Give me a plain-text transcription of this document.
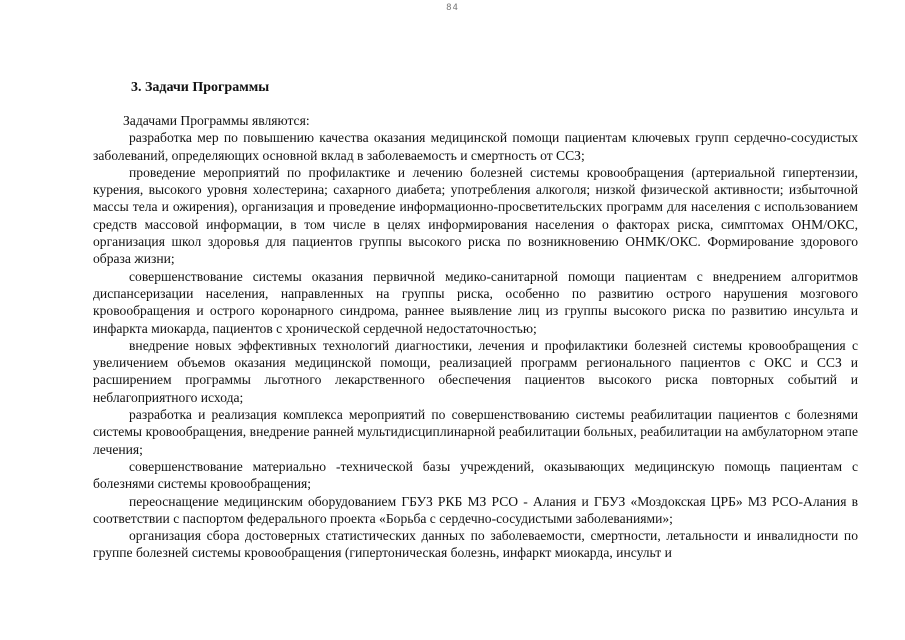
84
3. Задачи Программы

Задачами Программы являются:

разработка мер по повышению качества оказания медицинской помощи пациентам ключевых групп сердечно-сосудистых заболеваний, определяющих основной вклад в заболеваемость и смертность от ССЗ;

проведение мероприятий по профилактике и лечению болезней системы кровообращения (артериальной гипертензии, курения, высокого уровня холестерина; сахарного диабета; употребления алкоголя; низкой физической активности; избыточной массы тела и ожирения), организация и проведение информационно-просветительских программ для населения с использованием средств массовой информации, в том числе в целях информирования населения о факторах риска, симптомах ОНМ/ОКС, организация школ здоровья для пациентов группы высокого риска по возникновению ОНМК/ОКС. Формирование здорового образа жизни;

совершенствование системы оказания первичной медико-санитарной помощи пациентам с внедрением алгоритмов диспансеризации населения, направленных на группы риска, особенно по развитию острого нарушения мозгового кровообращения и острого коронарного синдрома, раннее выявление лиц из группы высокого риска по развитию инсульта и инфаркта миокарда, пациентов с хронической сердечной недостаточностью;

внедрение новых эффективных технологий диагностики, лечения и профилактики болезней системы кровообращения с увеличением объемов оказания медицинской помощи, реализацией программ регионального пациентов с ОКС и ССЗ и расширением программы льготного лекарственного обеспечения пациентов высокого риска повторных событий и неблагоприятного исхода;

разработка и реализация комплекса мероприятий по совершенствованию системы реабилитации пациентов с болезнями системы кровообращения, внедрение ранней мультидисциплинарной реабилитации больных, реабилитации на амбулаторном этапе лечения;

совершенствование материально -технической базы учреждений, оказывающих медицинскую помощь пациентам с болезнями системы кровообращения;

переоснащение медицинским оборудованием ГБУЗ РКБ МЗ РСО - Алания и ГБУЗ «Моздокская ЦРБ» МЗ РСО-Алания в соответствии с паспортом федерального проекта «Борьба с сердечно-сосудистыми заболеваниями»;

организация сбора достоверных статистических данных по заболеваемости, смертности, летальности и инвалидности по группе болезней системы кровообращения (гипертоническая болезнь, инфаркт миокарда, инсульт и
